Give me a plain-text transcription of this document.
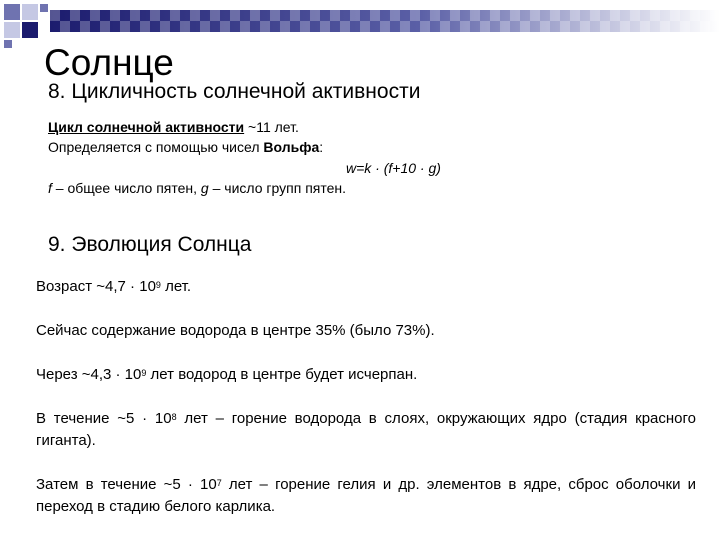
Солнце
8. Цикличность солнечной активности
Цикл солнечной активности ~11 лет.
Определяется с помощью чисел Вольфа:
w=k · (f+10 · g)
f – общее число пятен, g – число групп пятен.
9. Эволюция Солнца
Возраст ~4,7 · $10^9$ лет.
Сейчас содержание водорода в центре 35% (было 73%).
Через ~4,3 · $10^9$ лет водород в центре будет исчерпан.
В течение ~5 · $10^8$ лет – горение водорода в слоях, окружающих ядро (стадия красного гиганта).
Затем в течение ~5 · $10^7$ лет – горение гелия и др. элементов в ядре, сброс оболочки и переход в стадию белого карлика.
